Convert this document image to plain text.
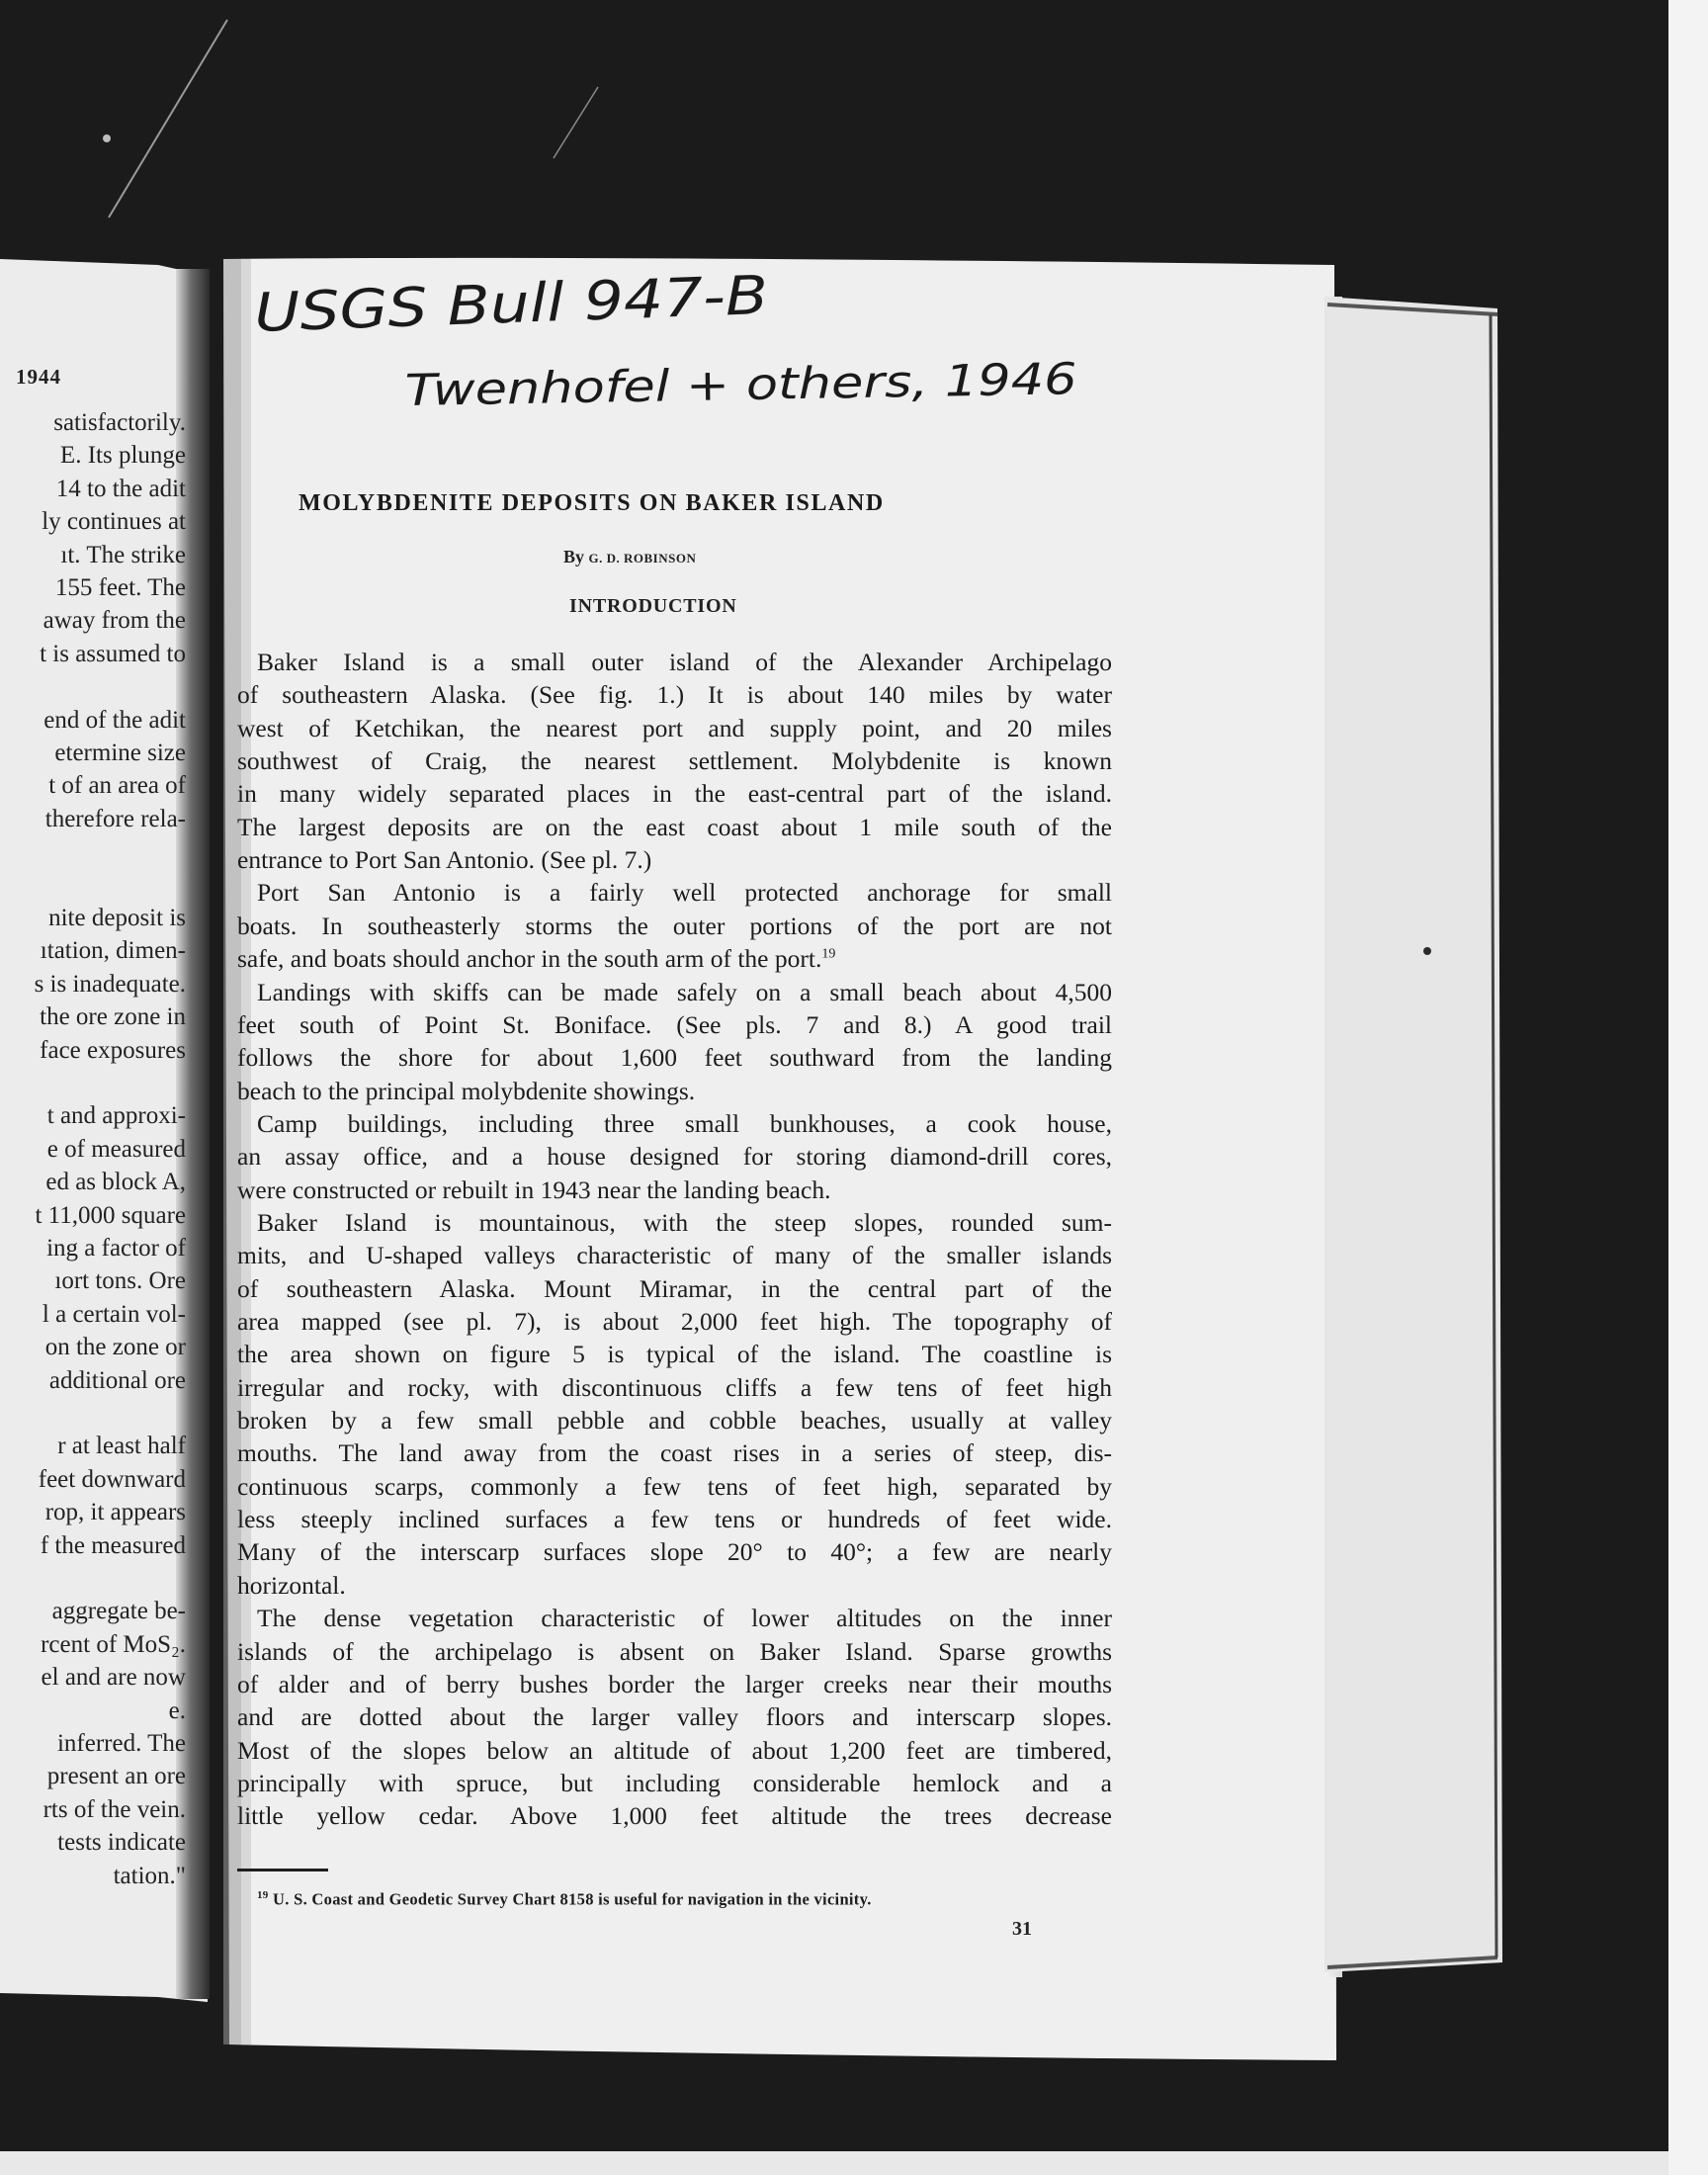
USGS Bull 947-B
Twenhofel + others, 1946
1944
satisfactorily.
E. Its plunge
14 to the adit
ly continues at
ıt. The strike
155 feet. The
away from the
t is assumed to
end of the adit
etermine size
t of an area of
therefore rela-
nite deposit is
ıtation, dimen-
s is inadequate.
the ore zone in
face exposures
t and approxi-
e of measured
ed as block A,
t 11,000 square
ing a factor of
ıort tons. Ore
l a certain vol-
on the zone or
additional ore
r at least half
feet downward
rop, it appears
f the measured
aggregate be-
rcent of MoS₂.
el and are now
e.
inferred. The
present an ore
rts of the vein.
tests indicate
tation."
MOLYBDENITE DEPOSITS ON BAKER ISLAND
By G. D. ROBINSON
INTRODUCTION
Baker Island is a small outer island of the Alexander Archipelago
of southeastern Alaska. (See fig. 1.) It is about 140 miles by water
west of Ketchikan, the nearest port and supply point, and 20 miles
southwest of Craig, the nearest settlement. Molybdenite is known
in many widely separated places in the east-central part of the island.
The largest deposits are on the east coast about 1 mile south of the
entrance to Port San Antonio. (See pl. 7.)
Port San Antonio is a fairly well protected anchorage for small
boats. In southeasterly storms the outer portions of the port are not
safe, and boats should anchor in the south arm of the port.$^{19}$
Landings with skiffs can be made safely on a small beach about 4,500
feet south of Point St. Boniface. (See pls. 7 and 8.) A good trail
follows the shore for about 1,600 feet southward from the landing
beach to the principal molybdenite showings.
Camp buildings, including three small bunkhouses, a cook house,
an assay office, and a house designed for storing diamond-drill cores,
were constructed or rebuilt in 1943 near the landing beach.
Baker Island is mountainous, with the steep slopes, rounded sum-
mits, and U-shaped valleys characteristic of many of the smaller islands
of southeastern Alaska. Mount Miramar, in the central part of the
area mapped (see pl. 7), is about 2,000 feet high. The topography of
the area shown on figure 5 is typical of the island. The coastline is
irregular and rocky, with discontinuous cliffs a few tens of feet high
broken by a few small pebble and cobble beaches, usually at valley
mouths. The land away from the coast rises in a series of steep, dis-
continuous scarps, commonly a few tens of feet high, separated by
less steeply inclined surfaces a few tens or hundreds of feet wide.
Many of the interscarp surfaces slope 20° to 40°; a few are nearly
horizontal.
The dense vegetation characteristic of lower altitudes on the inner
islands of the archipelago is absent on Baker Island. Sparse growths
of alder and of berry bushes border the larger creeks near their mouths
and are dotted about the larger valley floors and interscarp slopes.
Most of the slopes below an altitude of about 1,200 feet are timbered,
principally with spruce, but including considerable hemlock and a
little yellow cedar. Above 1,000 feet altitude the trees decrease
$^{19}$ U. S. Coast and Geodetic Survey Chart 8158 is useful for navigation in the vicinity.
31
